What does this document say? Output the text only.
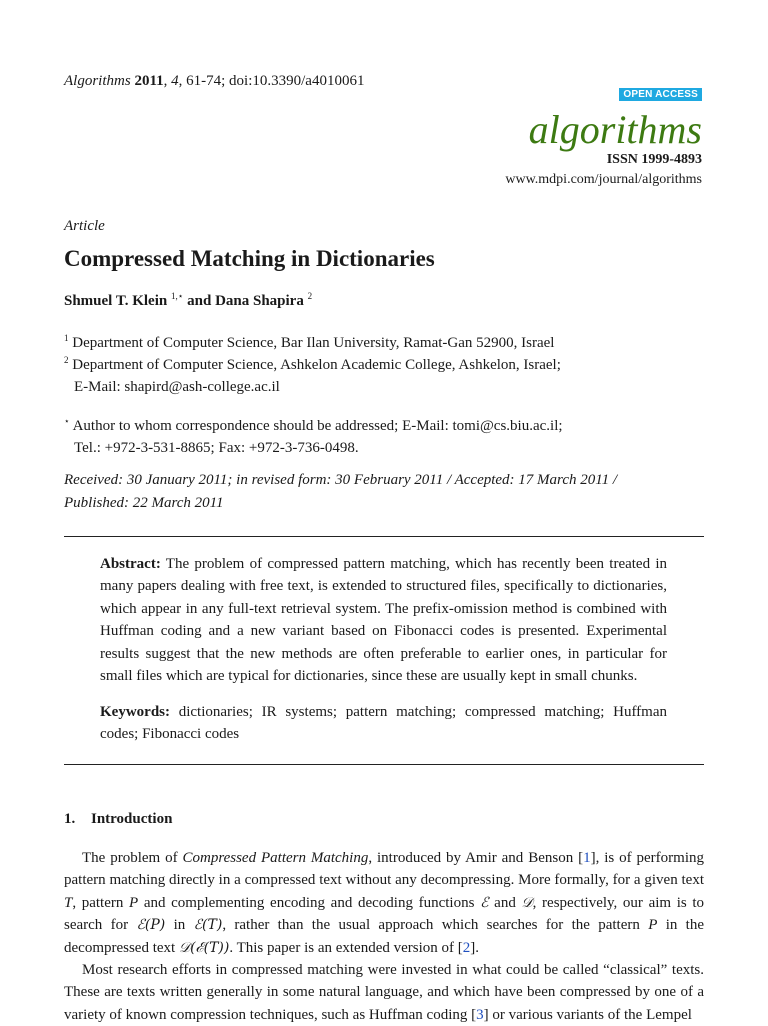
Algorithms 2011, 4, 61-74; doi:10.3390/a4010061
OPEN ACCESS
algorithms
ISSN 1999-4893
www.mdpi.com/journal/algorithms
Article
Compressed Matching in Dictionaries
Shmuel T. Klein $^{1,⋆}$ and Dana Shapira $^2$
$^1$ Department of Computer Science, Bar Ilan University, Ramat-Gan 52900, Israel
$^2$ Department of Computer Science, Ashkelon Academic College, Ashkelon, Israel;
E-Mail: shapird@ash-college.ac.il
⋆ Author to whom correspondence should be addressed; E-Mail: tomi@cs.biu.ac.il;
Tel.: +972-3-531-8865; Fax: +972-3-736-0498.
Received: 30 January 2011; in revised form: 30 February 2011 / Accepted: 17 March 2011 /
Published: 22 March 2011
Abstract: The problem of compressed pattern matching, which has recently been treated in many papers dealing with free text, is extended to structured files, specifically to dictionaries, which appear in any full-text retrieval system. The prefix-omission method is combined with Huffman coding and a new variant based on Fibonacci codes is presented. Experimental results suggest that the new methods are often preferable to earlier ones, in particular for small files which are typical for dictionaries, since these are usually kept in small chunks.
Keywords: dictionaries; IR systems; pattern matching; compressed matching; Huffman codes; Fibonacci codes
1. Introduction

The problem of Compressed Pattern Matching, introduced by Amir and Benson [1], is of performing pattern matching directly in a compressed text without any decompressing. More formally, for a given text T, pattern P and complementing encoding and decoding functions ℰ and 𝒟, respectively, our aim is to search for ℰ(P) in ℰ(T), rather than the usual approach which searches for the pattern P in the decompressed text 𝒟(ℰ(T)). This paper is an extended version of [2].

Most research efforts in compressed matching were invested in what could be called “classical” texts. These are texts written generally in some natural language, and which have been compressed by one of a variety of known compression techniques, such as Huffman coding [3] or various variants of the Lempel
